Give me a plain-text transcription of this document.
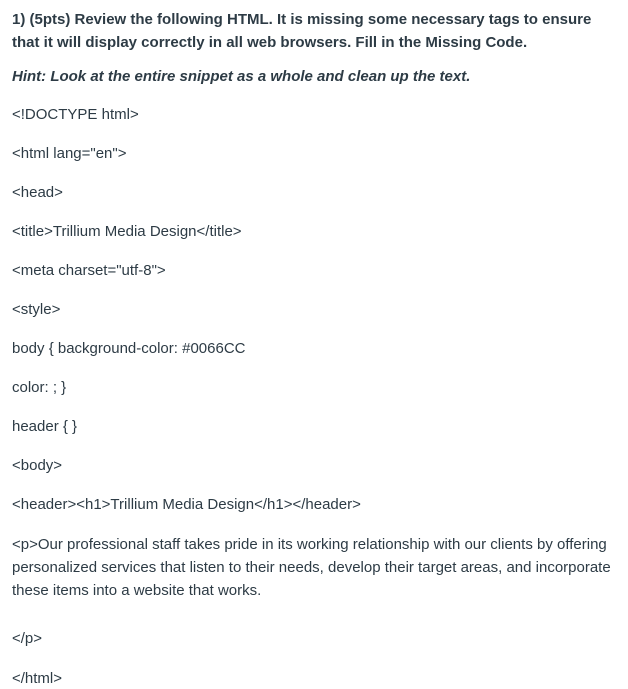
1) (5pts) Review the following HTML. It is missing some necessary tags to ensure that it will display correctly in all web browsers. Fill in the Missing Code.

Hint: Look at the entire snippet as a whole and clean up the text.

<!DOCTYPE html>

<html lang="en">

<head>

<title>Trillium Media Design</title>

<meta charset="utf-8">

<style>

body { background-color: #0066CC

color: ; }

header { }

<body>

<header><h1>Trillium Media Design</h1></header>

<p>Our professional staff takes pride in its working relationship with our clients by offering personalized services that listen to their needs, develop their target areas, and incorporate these items into a website that works.

</p>

</html>
